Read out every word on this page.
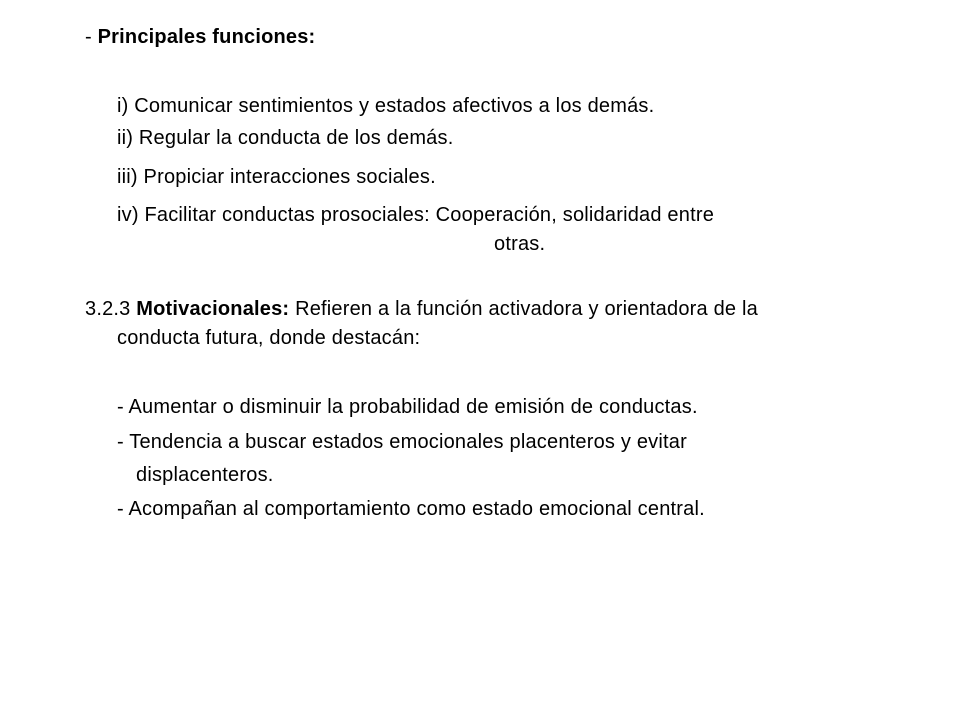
- Principales funciones:
i) Comunicar sentimientos y estados afectivos a los demás.
ii) Regular la conducta de los demás.
iii) Propiciar interacciones sociales.
iv) Facilitar conductas prosociales: Cooperación, solidaridad entre
otras.
3.2.3 Motivacionales: Refieren a la función activadora y orientadora de la
conducta futura, donde destacán:
- Aumentar o disminuir la probabilidad de emisión de conductas.
- Tendencia a buscar estados emocionales placenteros y evitar
displacenteros.
- Acompañan al comportamiento como estado emocional central.
